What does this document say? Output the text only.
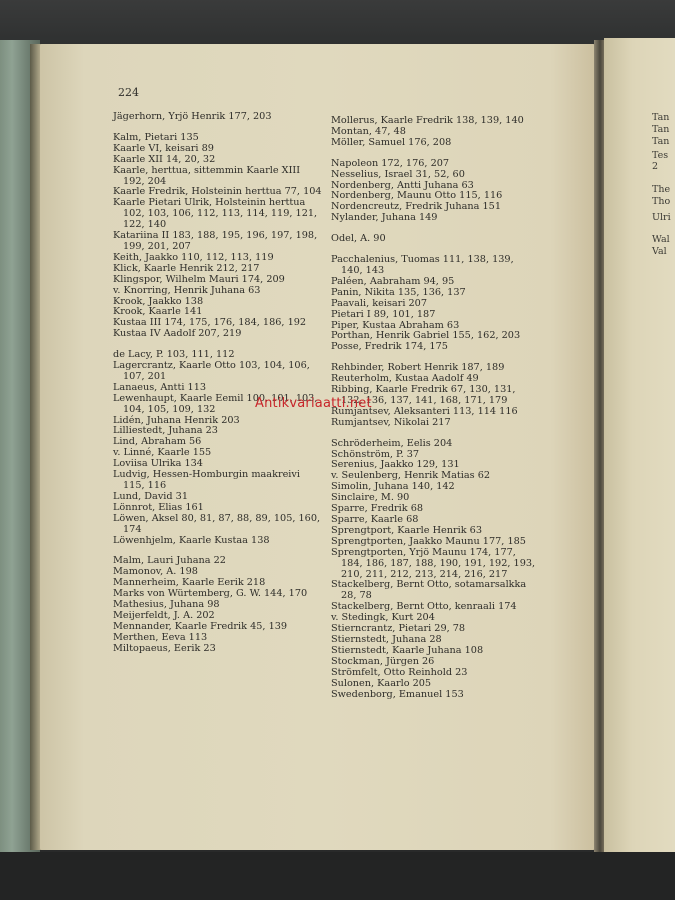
224
Jägerhorn, Yrjö Henrik 177, 203
Kalm, Pietari 135
Kaarle VI, keisari 89
Kaarle XII 14, 20, 32
Kaarle, herttua, sittemmin Kaarle XIII 192, 204
Kaarle Fredrik, Holsteinin herttua 77, 104
Kaarle Pietari Ulrik, Holsteinin herttua 102, 103, 106, 112, 113, 114, 119, 121, 122, 140
Katariina II 183, 188, 195, 196, 197, 198, 199, 201, 207
Keith, Jaakko 110, 112, 113, 119
Klick, Kaarle Henrik 212, 217
Klingspor, Wilhelm Mauri 174, 209
v. Knorring, Henrik Juhana 63
Krook, Jaakko 138
Krook, Kaarle 141
Kustaa III 174, 175, 176, 184, 186, 192
Kustaa IV Aadolf 207, 219
de Lacy, P. 103, 111, 112
Lagercrantz, Kaarle Otto 103, 104, 106, 107, 201
Lanaeus, Antti 113
Lewenhaupt, Kaarle Eemil 100, 101, 103, 104, 105, 109, 132
Lidén, Juhana Henrik 203
Lilliestedt, Juhana 23
Lind, Abraham 56
v. Linné, Kaarle 155
Loviisa Ulrika 134
Ludvig, Hessen-Homburgin maakreivi 115, 116
Lund, David 31
Lönnrot, Elias 161
Löwen, Aksel 80, 81, 87, 88, 89, 105, 160, 174
Löwenhjelm, Kaarle Kustaa 138
Malm, Lauri Juhana 22
Mamonov, A. 198
Mannerheim, Kaarle Eerik 218
Marks von Würtemberg, G. W. 144, 170
Mathesius, Juhana 98
Meijerfeldt, J. A. 202
Mennander, Kaarle Fredrik 45, 139
Merthen, Eeva 113
Miltopaeus, Eerik 23
Mollerus, Kaarle Fredrik 138, 139, 140
Montan, 47, 48
Möller, Samuel 176, 208
Napoleon 172, 176, 207
Nesselius, Israel 31, 52, 60
Nordenberg, Antti Juhana 63
Nordenberg, Maunu Otto 115, 116
Nordencreutz, Fredrik Juhana 151
Nylander, Juhana 149
Odel, A. 90
Pacchalenius, Tuomas 111, 138, 139, 140, 143
Paléen, Aabraham 94, 95
Panin, Nikita 135, 136, 137
Paavali, keisari 207
Pietari I 89, 101, 187
Piper, Kustaa Abraham 63
Porthan, Henrik Gabriel 155, 162, 203
Posse, Fredrik 174, 175
Rehbinder, Robert Henrik 187, 189
Reuterholm, Kustaa Aadolf 49
Ribbing, Kaarle Fredrik 67, 130, 131, 132, 136, 137, 141, 168, 171, 179
Rumjantsev, Aleksanteri 113, 114 116
Rumjantsev, Nikolai 217
Schröderheim, Eelis 204
Schönström, P. 37
Serenius, Jaakko 129, 131
v. Seulenberg, Henrik Matias 62
Simolin, Juhana 140, 142
Sinclaire, M. 90
Sparre, Fredrik 68
Sparre, Kaarle 68
Sprengtport, Kaarle Henrik 63
Sprengtporten, Jaakko Maunu 177, 185
Sprengtporten, Yrjö Maunu 174, 177, 184, 186, 187, 188, 190, 191, 192, 193, 210, 211, 212, 213, 214, 216, 217
Stackelberg, Bernt Otto, sotamarsalkka 28, 78
Stackelberg, Bernt Otto, kenraali 174
v. Stedingk, Kurt 204
Stierncrantz, Pietari 29, 78
Stiernstedt, Juhana 28
Stiernstedt, Kaarle Juhana 108
Stockman, Jürgen 26
Strömfelt, Otto Reinhold 23
Sulonen, Kaarlo 205
Swedenborg, Emanuel 153
Tan
Tan
Tan
Tes
2
The
Tho
Ulri
Wal
Val
Antikvariaatti.net
